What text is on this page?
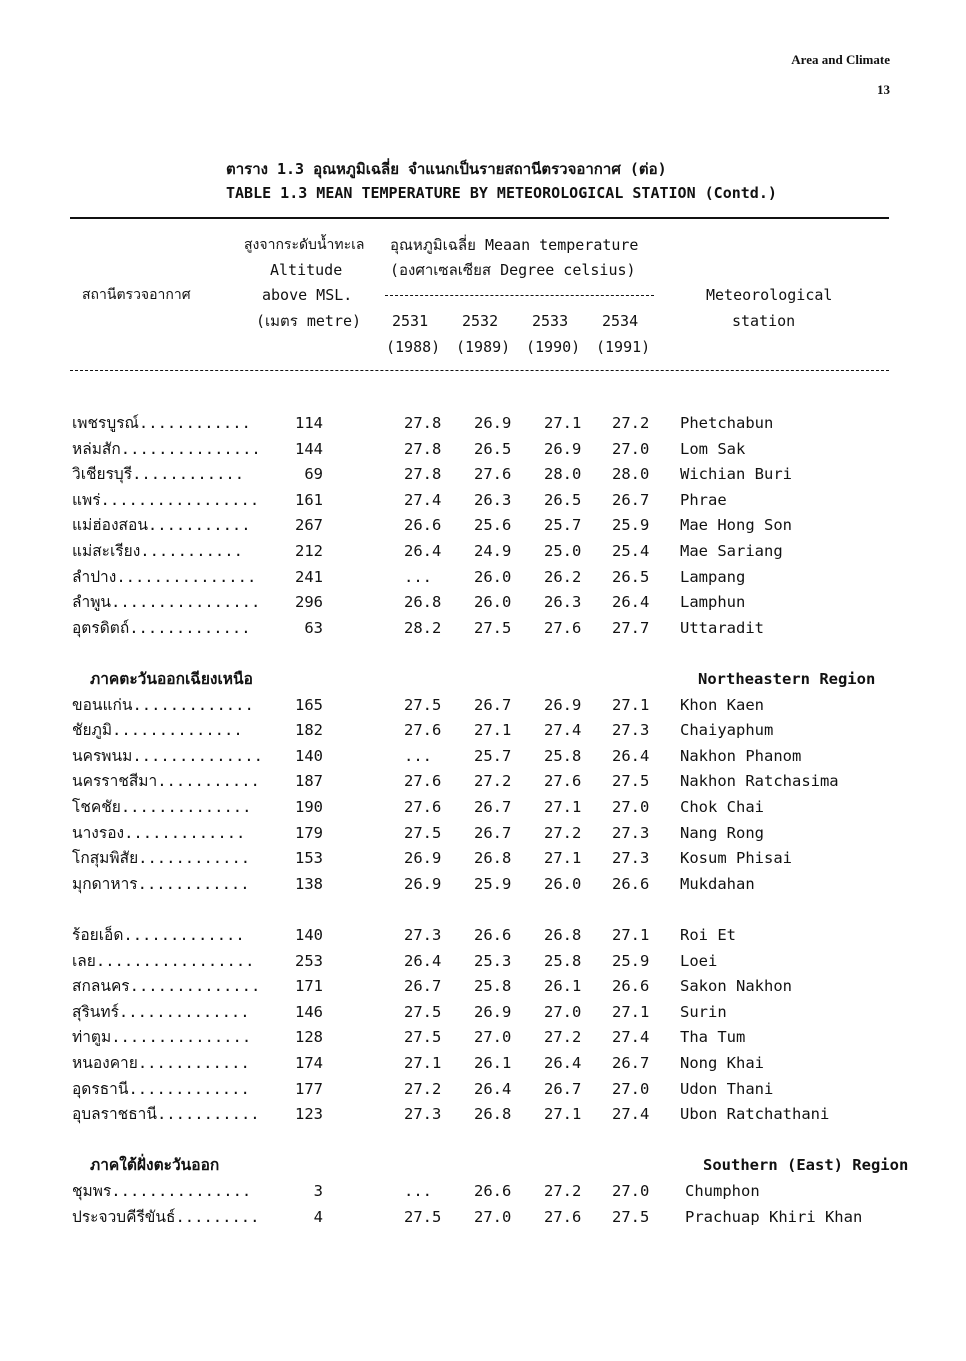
Area and Climate
13
ตาราง 1.3 อุณหภูมิเฉลี่ย จำแนกเป็นรายสถานีตรวจอากาศ (ต่อ)
TABLE 1.3 MEAN TEMPERATURE BY METEOROLOGICAL STATION (Contd.)
สถานีตรวจอากาศ
สูงจากระดับน้ำทะเล
Altitude
above MSL.
(เมตร metre)
อุณหภูมิเฉลี่ย Meaan temperature
(องศาเซลเซียส Degree celsius)
2531 2532 2533 2534
(1988) (1989) (1990) (1991)
Meteorological
station
เพชรบูรณ์............	114	27.8 26.9 27.1 27.2 Phetchabun
หล่มสัก...............	144	27.8 26.5 26.9 27.0 Lom Sak
วิเชียรบุรี............	69	27.8 27.6 28.0 28.0 Wichian Buri
แพร่.................	161	27.4 26.3 26.5 26.7 Phrae
แม่ฮ่องสอน...........	267	26.6 25.6 25.7 25.9 Mae Hong Son
แม่สะเรียง...........	212	26.4 24.9 25.0 25.4 Mae Sariang
ลำปาง...............	241	...	26.0 26.2 26.5 Lampang
ลำพูน................	296	26.8 26.0 26.3 26.4 Lamphun
อุตรดิตถ์.............	63	28.2 27.5 27.6 27.7 Uttaradit
ภาคตะวันออกเฉียงเหนือ	Northeastern Region
ขอนแก่น.............	165	27.5 26.7 26.9 27.1 Khon Kaen
ชัยภูมิ..............	182	27.6 27.1 27.4 27.3 Chaiyaphum
นครพนม..............	140	...	25.7 25.8 26.4 Nakhon Phanom
นครราชสีมา...........	187	27.6 27.2 27.6 27.5 Nakhon Ratchasima
โชคชัย..............	190	27.6 26.7 27.1 27.0 Chok Chai
นางรอง.............	179	27.5 26.7 27.2 27.3 Nang Rong
โกสุมพิสัย............	153	26.9 26.8 27.1 27.3 Kosum Phisai
มุกดาหาร............	138	26.9 25.9 26.0 26.6 Mukdahan
ร้อยเอ็ด.............	140	27.3 26.6 26.8 27.1 Roi Et
เลย.................	253	26.4 25.3 25.8 25.9 Loei
สกลนคร..............	171	26.7 25.8 26.1 26.6 Sakon Nakhon
สุรินทร์..............	146	27.5 26.9 27.0 27.1 Surin
ท่าตูม...............	128	27.5 27.0 27.2 27.4 Tha Tum
หนองคาย............	174	27.1 26.1 26.4 26.7 Nong Khai
อุดรธานี.............	177	27.2 26.4 26.7 27.0 Udon Thani
อุบลราชธานี...........	123	27.3 26.8 27.1 27.4 Ubon Ratchathani
ภาคใต้ฝั่งตะวันออก	Southern (East) Region
ชุมพร...............	3	...	26.6 27.2 27.0 Chumphon
ประจวบคีรีขันธ์.........	4	27.5 27.0 27.6 27.5 Prachuap Khiri Khan
